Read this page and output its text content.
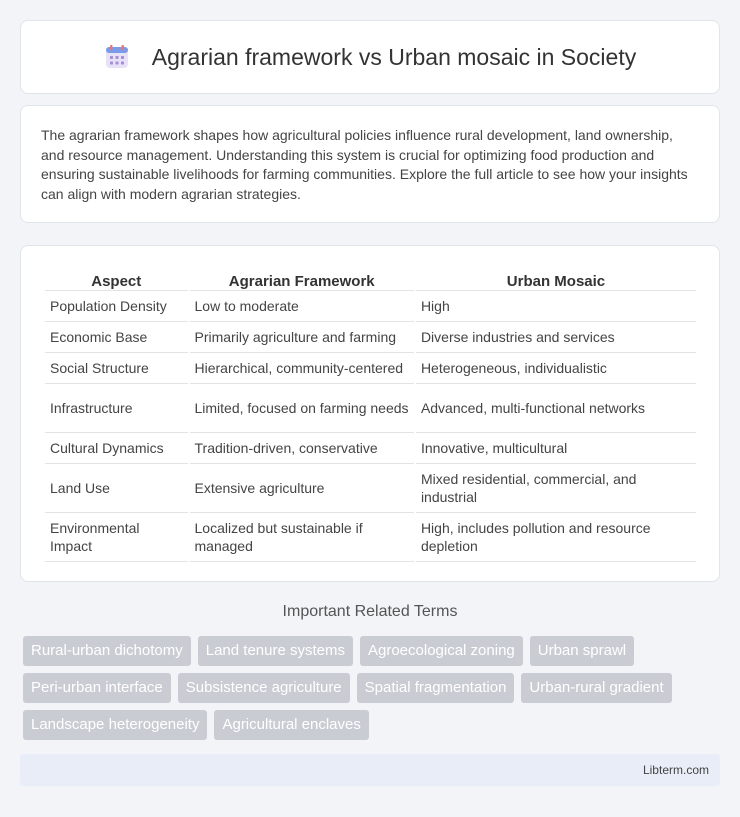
Agrarian framework vs Urban mosaic in Society

The agrarian framework shapes how agricultural policies influence rural development, land ownership, and resource management. Understanding this system is crucial for optimizing food production and ensuring sustainable livelihoods for farming communities. Explore the full article to see how your insights can align with modern agrarian strategies.

Aspect	Agrarian Framework	Urban Mosaic
Population Density	Low to moderate	High
Economic Base	Primarily agriculture and farming	Diverse industries and services
Social Structure	Hierarchical, community-centered	Heterogeneous, individualistic
Infrastructure	Limited, focused on farming needs	Advanced, multi-functional networks
Cultural Dynamics	Tradition-driven, conservative	Innovative, multicultural
Land Use	Extensive agriculture	Mixed residential, commercial, and industrial
Environmental Impact	Localized but sustainable if managed	High, includes pollution and resource depletion
Important Related Terms
Rural-urban dichotomy	Land tenure systems	Agroecological zoning	Urban sprawl
Peri-urban interface	Subsistence agriculture	Spatial fragmentation	Urban-rural gradient
Landscape heterogeneity	Agricultural enclaves
Libterm.com
